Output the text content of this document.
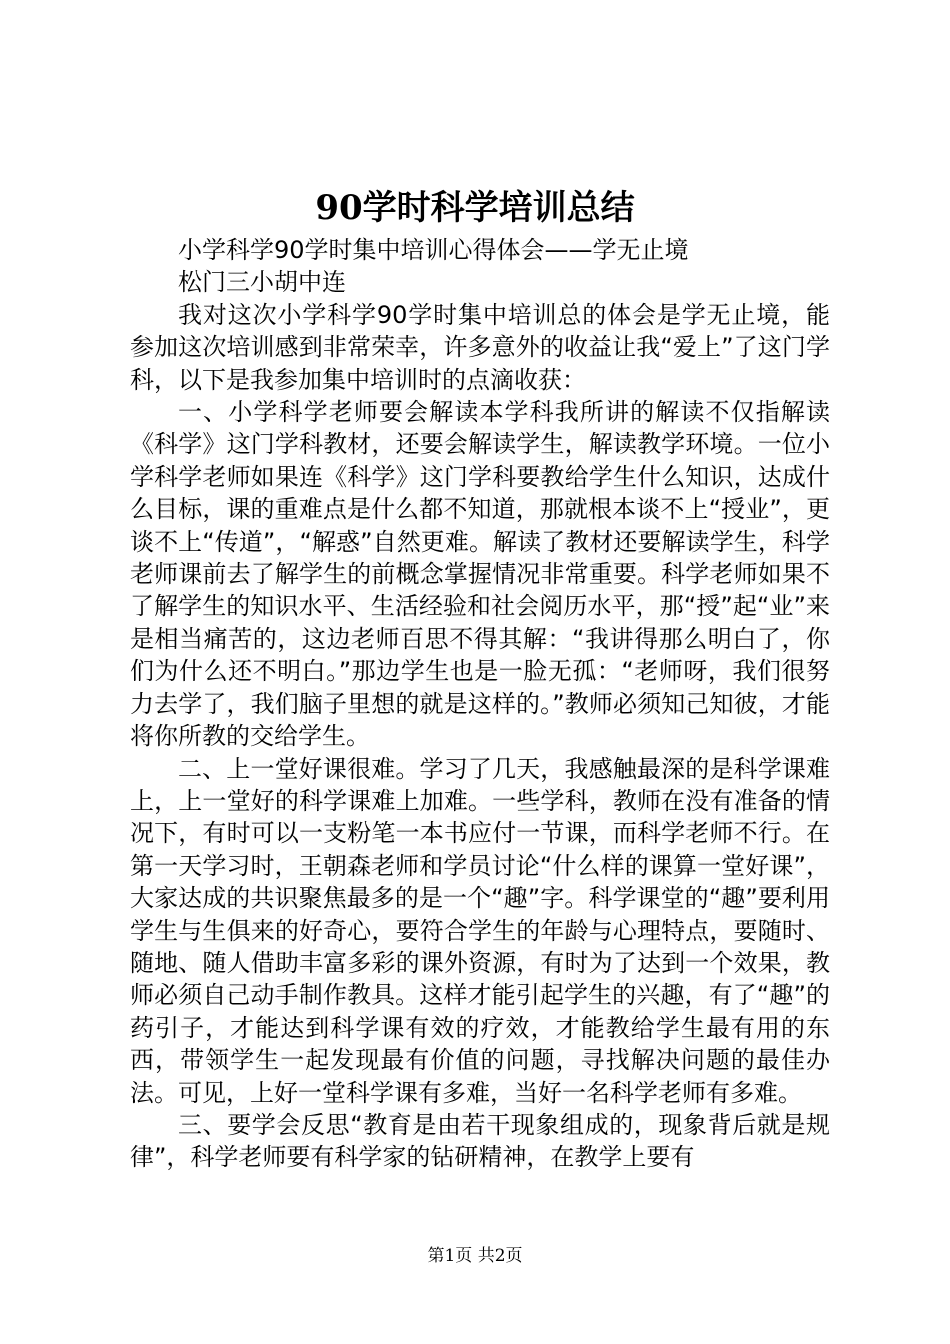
90学时科学培训总结

小学科学90学时集中培训心得体会——学无止境

松门三小胡中连

我对这次小学科学90学时集中培训总的体会是学无止境，能参加这次培训感到非常荣幸，许多意外的收益让我“爱上”了这门学科，以下是我参加集中培训时的点滴收获：

一、小学科学老师要会解读本学科我所讲的解读不仅指解读《科学》这门学科教材，还要会解读学生，解读教学环境。一位小学科学老师如果连《科学》这门学科要教给学生什么知识，达成什么目标，课的重难点是什么都不知道，那就根本谈不上“授业”，更谈不上“传道”，“解惑”自然更难。解读了教材还要解读学生，科学老师课前去了解学生的前概念掌握情况非常重要。科学老师如果不了解学生的知识水平、生活经验和社会阅历水平，那“授”起“业”来是相当痛苦的，这边老师百思不得其解：“我讲得那么明白了，你们为什么还不明白。”那边学生也是一脸无孤：“老师呀，我们很努力去学了，我们脑子里想的就是这样的。”教师必须知己知彼，才能将你所教的交给学生。

二、上一堂好课很难。学习了几天，我感触最深的是科学课难上，上一堂好的科学课难上加难。一些学科，教师在没有准备的情况下，有时可以一支粉笔一本书应付一节课，而科学老师不行。在第一天学习时，王朝森老师和学员讨论“什么样的课算一堂好课”，大家达成的共识聚焦最多的是一个“趣”字。科学课堂的“趣”要利用学生与生俱来的好奇心，要符合学生的年龄与心理特点，要随时、随地、随人借助丰富多彩的课外资源，有时为了达到一个效果，教师必须自己动手制作教具。这样才能引起学生的兴趣，有了“趣”的药引子，才能达到科学课有效的疗效，才能教给学生最有用的东西，带领学生一起发现最有价值的问题，寻找解决问题的最佳办法。可见，上好一堂科学课有多难，当好一名科学老师有多难。

三、要学会反思“教育是由若干现象组成的，现象背后就是规律”，科学老师要有科学家的钻研精神，在教学上要有

第1页 共2页
